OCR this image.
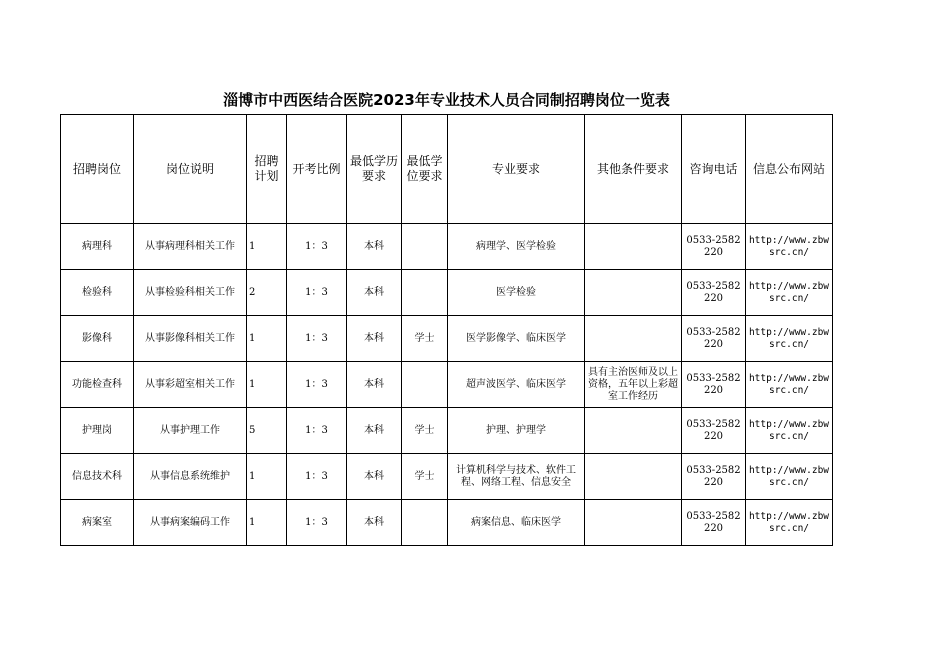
淄博市中西医结合医院2023年专业技术人员合同制招聘岗位一览表
招聘岗位	岗位说明	招聘计划	开考比例	最低学历要求	最低学位要求	专业要求	其他条件要求	咨询电话	信息公布网站
病理科	从事病理科相关工作	1	1：3	本科		病理学、医学检验		0533-2582220	http://www.zbwsrc.cn/
检验科	从事检验科相关工作	2	1：3	本科		医学检验		0533-2582220	http://www.zbwsrc.cn/
影像科	从事影像科相关工作	1	1：3	本科	学士	医学影像学、临床医学		0533-2582220	http://www.zbwsrc.cn/
功能检查科	从事彩超室相关工作	1	1：3	本科		超声波医学、临床医学	具有主治医师及以上资格，五年以上彩超室工作经历	0533-2582220	http://www.zbwsrc.cn/
护理岗	从事护理工作	5	1：3	本科	学士	护理、护理学		0533-2582220	http://www.zbwsrc.cn/
信息技术科	从事信息系统维护	1	1：3	本科	学士	计算机科学与技术、软件工程、网络工程、信息安全		0533-2582220	http://www.zbwsrc.cn/
病案室	从事病案编码工作	1	1：3	本科		病案信息、临床医学		0533-2582220	http://www.zbwsrc.cn/
